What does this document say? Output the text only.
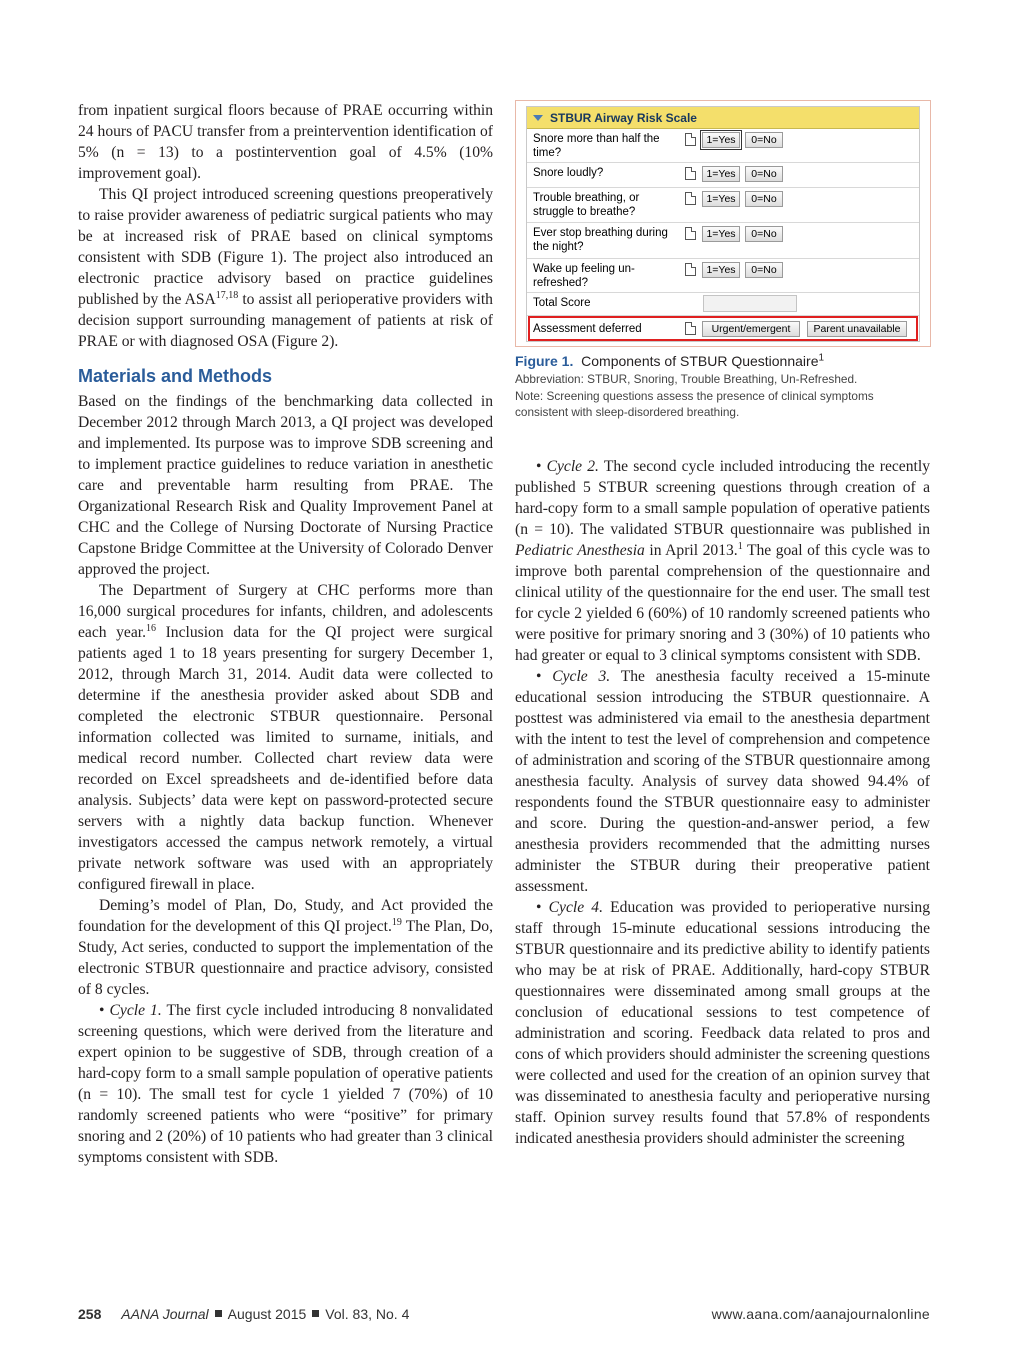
from inpatient surgical floors because of PRAE occurring within 24 hours of PACU transfer from a preintervention identification of 5% (n = 13) to a postintervention goal of 4.5% (10% improvement goal).

This QI project introduced screening questions preoperatively to raise provider awareness of pediatric surgical patients who may be at increased risk of PRAE based on clinical symptoms consistent with SDB (Figure 1). The project also introduced an electronic practice advisory based on practice guidelines published by the ASA$^{17,18}$ to assist all perioperative providers with decision support surrounding management of patients at risk of PRAE or with diagnosed OSA (Figure 2).

Materials and Methods

Based on the findings of the benchmarking data collected in December 2012 through March 2013, a QI project was developed and implemented. Its purpose was to improve SDB screening and to implement practice guidelines to reduce variation in anesthetic care and preventable harm resulting from PRAE. The Organizational Research Risk and Quality Improvement Panel at CHC and the College of Nursing Doctorate of Nursing Practice Capstone Bridge Committee at the University of Colorado Denver approved the project.

The Department of Surgery at CHC performs more than 16,000 surgical procedures for infants, children, and adolescents each year.$^{16}$ Inclusion data for the QI project were surgical patients aged 1 to 18 years presenting for surgery December 1, 2012, through March 31, 2014. Audit data were collected to determine if the anesthesia provider asked about SDB and completed the electronic STBUR questionnaire. Personal information collected was limited to surname, initials, and medical record number. Collected chart review data were recorded on Excel spreadsheets and de-identified before data analysis. Subjects’ data were kept on password-protected secure servers with a nightly data backup function. Whenever investigators accessed the campus network remotely, a virtual private network software was used with an appropriately configured firewall in place.

Deming’s model of Plan, Do, Study, and Act provided the foundation for the development of this QI project.$^{19}$ The Plan, Do, Study, Act series, conducted to support the implementation of the electronic STBUR questionnaire and practice advisory, consisted of 8 cycles.

• Cycle 1. The first cycle included introducing 8 nonvalidated screening questions, which were derived from the literature and expert opinion to be suggestive of SDB, through creation of a hard-copy form to a small sample population of operative patients (n = 10). The small test for cycle 1 yielded 7 (70%) of 10 randomly screened patients who were “positive” for primary snoring and 2 (20%) of 10 patients who had greater than 3 clinical symptoms consistent with SDB.

STBUR Airway Risk Scale
Snore more than half the time?
1=Yes	0=No
Snore loudly?	1=Yes	0=No
Trouble breathing, or struggle to breathe?
1=Yes	0=No
Ever stop breathing during the night?
1=Yes	0=No
Wake up feeling un-refreshed?
1=Yes	0=No
Total Score
Assessment deferred	Urgent/emergent	Parent unavailable
Figure 1. Components of STBUR Questionnaire$^1$
Abbreviation: STBUR, Snoring, Trouble Breathing, Un-Refreshed.
Note: Screening questions assess the presence of clinical symptoms consistent with sleep-disordered breathing.

• Cycle 2. The second cycle included introducing the recently published 5 STBUR screening questions through creation of a hard-copy form to a small sample population of operative patients (n = 10). The validated STBUR questionnaire was published in Pediatric Anesthesia in April 2013.$^1$ The goal of this cycle was to improve both parental comprehension of the questionnaire and clinical utility of the questionnaire for the end user. The small test for cycle 2 yielded 6 (60%) of 10 randomly screened patients who were positive for primary snoring and 3 (30%) of 10 patients who had greater or equal to 3 clinical symptoms consistent with SDB.

• Cycle 3. The anesthesia faculty received a 15-minute educational session introducing the STBUR questionnaire. A posttest was administered via email to the anesthesia department with the intent to test the level of comprehension and competence of administration and scoring of the STBUR questionnaire among anesthesia faculty. Analysis of survey data showed 94.4% of respondents found the STBUR questionnaire easy to administer and score. During the question-and-answer period, a few anesthesia providers recommended that the admitting nurses administer the STBUR during their preoperative patient assessment.

• Cycle 4. Education was provided to perioperative nursing staff through 15-minute educational sessions introducing the STBUR questionnaire and its predictive ability to identify patients who may be at risk of PRAE. Additionally, hard-copy STBUR questionnaires were disseminated among small groups at the conclusion of educational sessions to test competence of administration and scoring. Feedback data related to pros and cons of which providers should administer the screening questions were collected and used for the creation of an opinion survey that was disseminated to anesthesia faculty and perioperative nursing staff. Opinion survey results found that 57.8% of respondents indicated anesthesia providers should administer the screening

258 AANA Journal August 2015 Vol. 83, No. 4	www.aana.com/aanajournalonline
